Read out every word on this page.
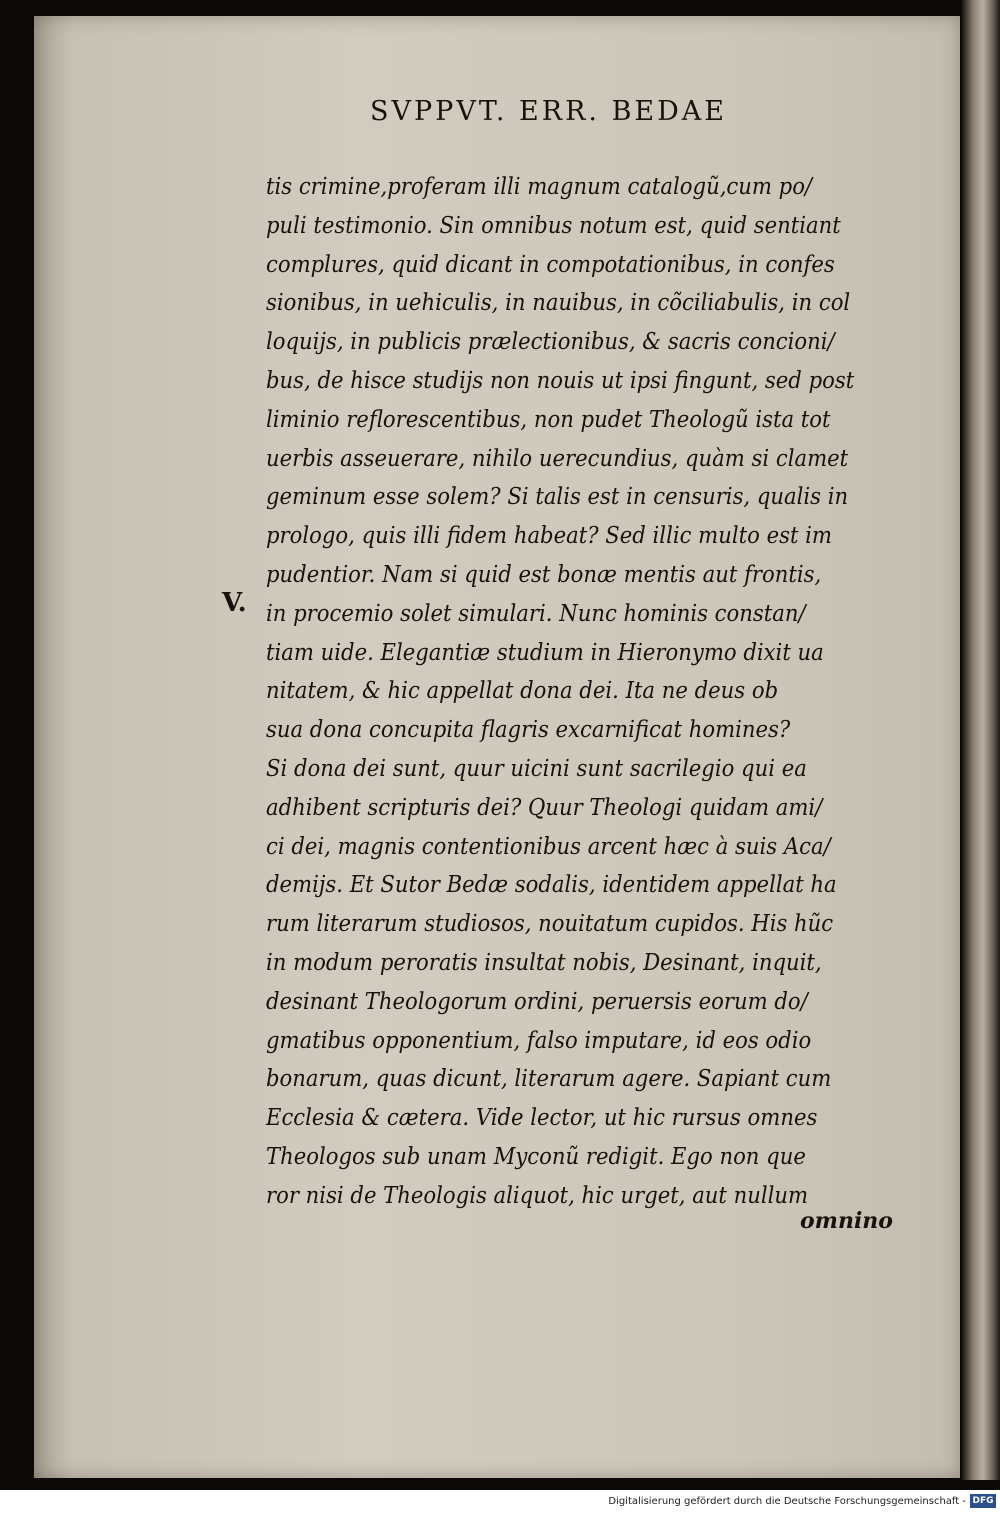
SVPPVT. ERR. BEDAE
tis crimine,proferam illi magnum catalogũ,cum po/
puli testimonio. Sin omnibus notum est, quid sentiant
complures, quid dicant in compotationibus, in confes
sionibus, in uehiculis, in nauibus, in cõciliabulis, in col
loquijs, in publicis prælectionibus, & sacris concioni/
bus, de hisce studijs non nouis ut ipsi fingunt, sed post
liminio reflorescentibus, non pudet Theologũ ista tot
uerbis asseuerare, nihilo uerecundius, quàm si clamet
geminum esse solem? Si talis est in censuris, qualis in
prologo, quis illi fidem habeat? Sed illic multo est im
pudentior. Nam si quid est bonæ mentis aut frontis,
in procemio solet simulari. Nunc hominis constan/
tiam uide. Elegantiæ studium in Hieronymo dixit ua
nitatem, & hic appellat dona dei. Ita ne deus ob
sua dona concupita flagris excarnificat homines?
Si dona dei sunt, quur uicini sunt sacrilegio qui ea
adhibent scripturis dei? Quur Theologi quidam ami/
ci dei, magnis contentionibus arcent hæc à suis Aca/
demijs. Et Sutor Bedæ sodalis, identidem appellat ha
rum literarum studiosos, nouitatum cupidos. His hũc
in modum peroratis insultat nobis, Desinant, inquit,
desinant Theologorum ordini, peruersis eorum do/
gmatibus opponentium, falso imputare, id eos odio
bonarum, quas dicunt, literarum agere. Sapiant cum
Ecclesia & cætera. Vide lector, ut hic rursus omnes
Theologos sub unam Myconũ redigit. Ego non que
ror nisi de Theologis aliquot, hic urget, aut nullum
V.
omnino
Digitalisierung gefördert durch die Deutsche Forschungsgemeinschaft - DFG
